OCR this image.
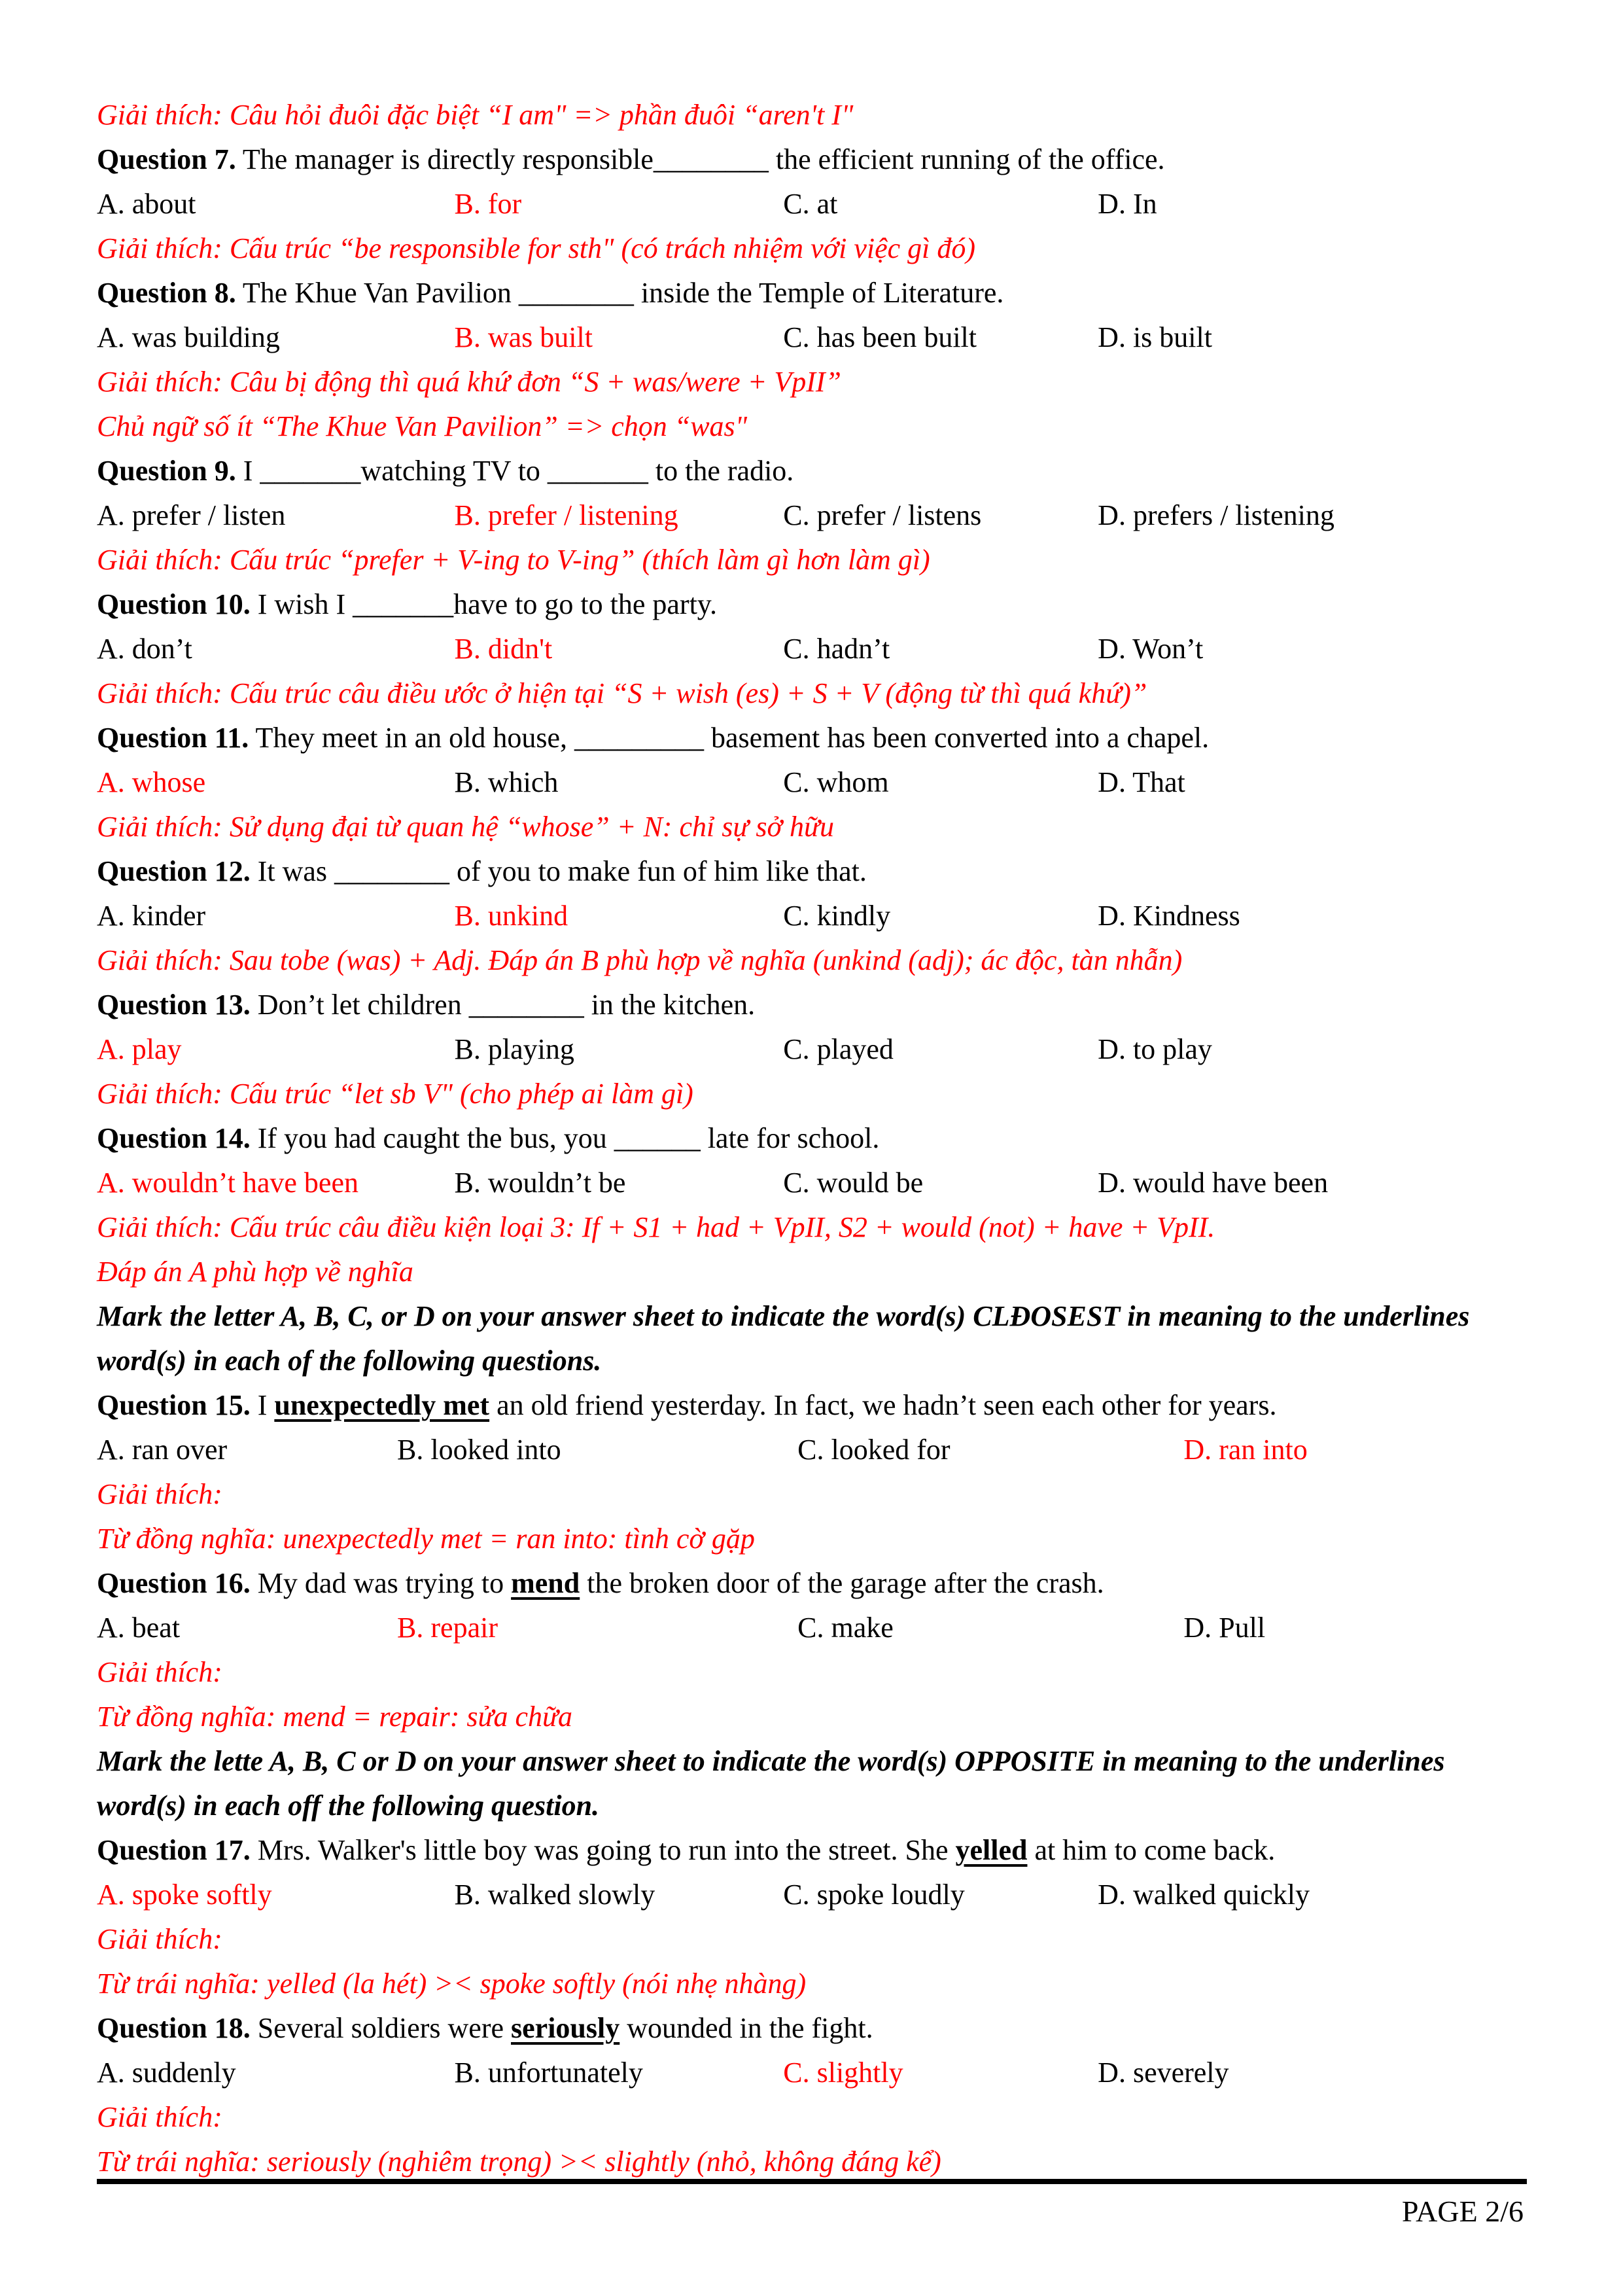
Giải thích: Câu hỏi đuôi đặc biệt “I am" => phần đuôi “aren't I"
Question 7. The manager is directly responsible________ the efficient running of the office.
A. about	B. for	C. at	D. In
Giải thích: Cấu trúc “be responsible for sth" (có trách nhiệm với việc gì đó)
Question 8. The Khue Van Pavilion ________ inside the Temple of Literature.
A. was building	B. was built	C. has been built	D. is built
Giải thích: Câu bị động thì quá khứ đơn “S + was/were + VpII”
Chủ ngữ số ít “The Khue Van Pavilion” => chọn “was"
Question 9. I _______watching TV to _______ to the radio.
A. prefer / listen	B. prefer / listening	C. prefer / listens	D. prefers / listening
Giải thích: Cấu trúc “prefer + V-ing to V-ing” (thích làm gì hơn làm gì)
Question 10. I wish I _______have to go to the party.
A. don’t	B. didn't	C. hadn’t	D. Won’t
Giải thích: Cấu trúc câu điều ước ở hiện tại “S + wish (es) + S + V (động từ thì quá khứ)”
Question 11. They meet in an old house, _________ basement has been converted into a chapel.
A. whose	B. which	C. whom	D. That
Giải thích: Sử dụng đại từ quan hệ “whose” + N: chỉ sự sở hữu
Question 12. It was ________ of you to make fun of him like that.
A. kinder	B. unkind	C. kindly	D. Kindness
Giải thích: Sau tobe (was) + Adj. Đáp án B phù hợp về nghĩa (unkind (adj); ác độc, tàn nhẫn)
Question 13. Don’t let children ________ in the kitchen.
A. play	B. playing	C. played	D. to play
Giải thích: Cấu trúc “let sb V" (cho phép ai làm gì)
Question 14. If you had caught the bus, you ______ late for school.
A. wouldn’t have been	B. wouldn’t be	C. would be	D. would have been
Giải thích: Cấu trúc câu điều kiện loại 3: If + S1 + had + VpII, S2 + would (not) + have + VpII.
Đáp án A phù hợp về nghĩa
Mark the letter A, B, C, or D on your answer sheet to indicate the word(s) CLĐOSEST in meaning to the underlines word(s) in each of the following questions.
Question 15. I unexpectedly met an old friend yesterday. In fact, we hadn’t seen each other for years.
A. ran over	B. looked into	C. looked for	D. ran into
Giải thích:
Từ đồng nghĩa: unexpectedly met = ran into: tình cờ gặp
Question 16. My dad was trying to mend the broken door of the garage after the crash.
A. beat	B. repair	C. make	D. Pull
Giải thích:
Từ đồng nghĩa: mend = repair: sửa chữa
Mark the lette A, B, C or D on your answer sheet to indicate the word(s) OPPOSITE in meaning to the underlines word(s) in each off the following question.
Question 17. Mrs. Walker's little boy was going to run into the street. She yelled at him to come back.
A. spoke softly	B. walked slowly	C. spoke loudly	D. walked quickly
Giải thích:
Từ trái nghĩa: yelled (la hét) >< spoke softly (nói nhẹ nhàng)
Question 18. Several soldiers were seriously wounded in the fight.
A. suddenly	B. unfortunately	C. slightly	D. severely
Giải thích:
Từ trái nghĩa: seriously (nghiêm trọng) >< slightly (nhỏ, không đáng kể)
PAGE 2/6
